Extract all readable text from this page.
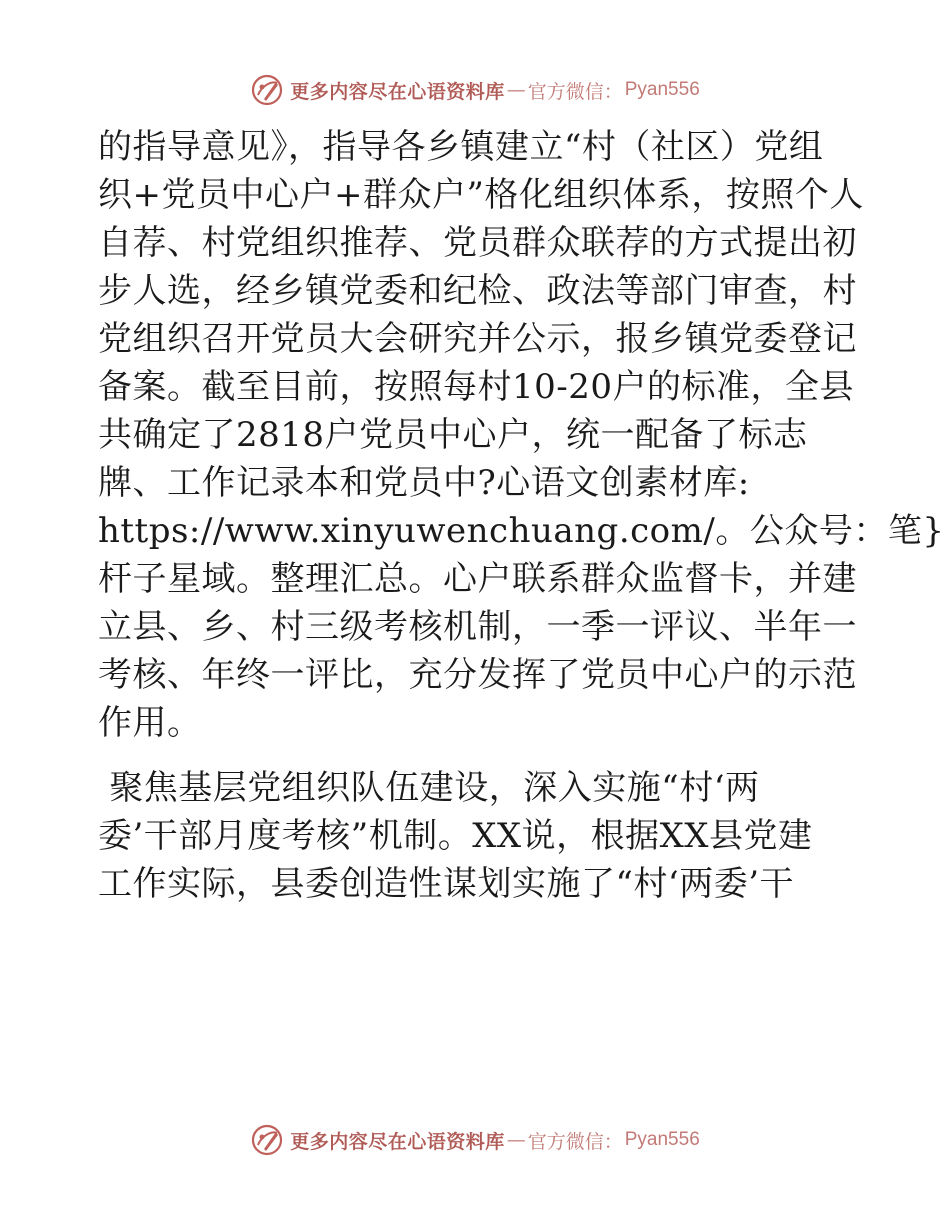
更多内容尽在心语资料库 — 官方微信： Pyan556
的指导意见》，指导各乡镇建立“村（社区）党组
织+党员中心户+群众户”格化组织体系，按照个人
自荐、村党组织推荐、党员群众联荐的方式提出初
步人选，经乡镇党委和纪检、政法等部门审查，村
党组织召开党员大会研究并公示，报乡镇党委登记
备案。截至目前，按照每村10-20户的标准，全县
共确定了2818户党员中心户，统一配备了标志
牌、工作记录本和党员中?心语文创素材库:
https://www.xinyuwenchuang.com/。公众号：笔}
杆子星域。整理汇总。心户联系群众监督卡，并建
立县、乡、村三级考核机制，一季一评议、半年一
考核、年终一评比，充分发挥了党员中心户的示范
作用。
聚焦基层党组织队伍建设，深入实施“村‘两
委’干部月度考核”机制。XX说，根据XX县党建
工作实际，县委创造性谋划实施了“村‘两委’干
更多内容尽在心语资料库 — 官方微信： Pyan556
